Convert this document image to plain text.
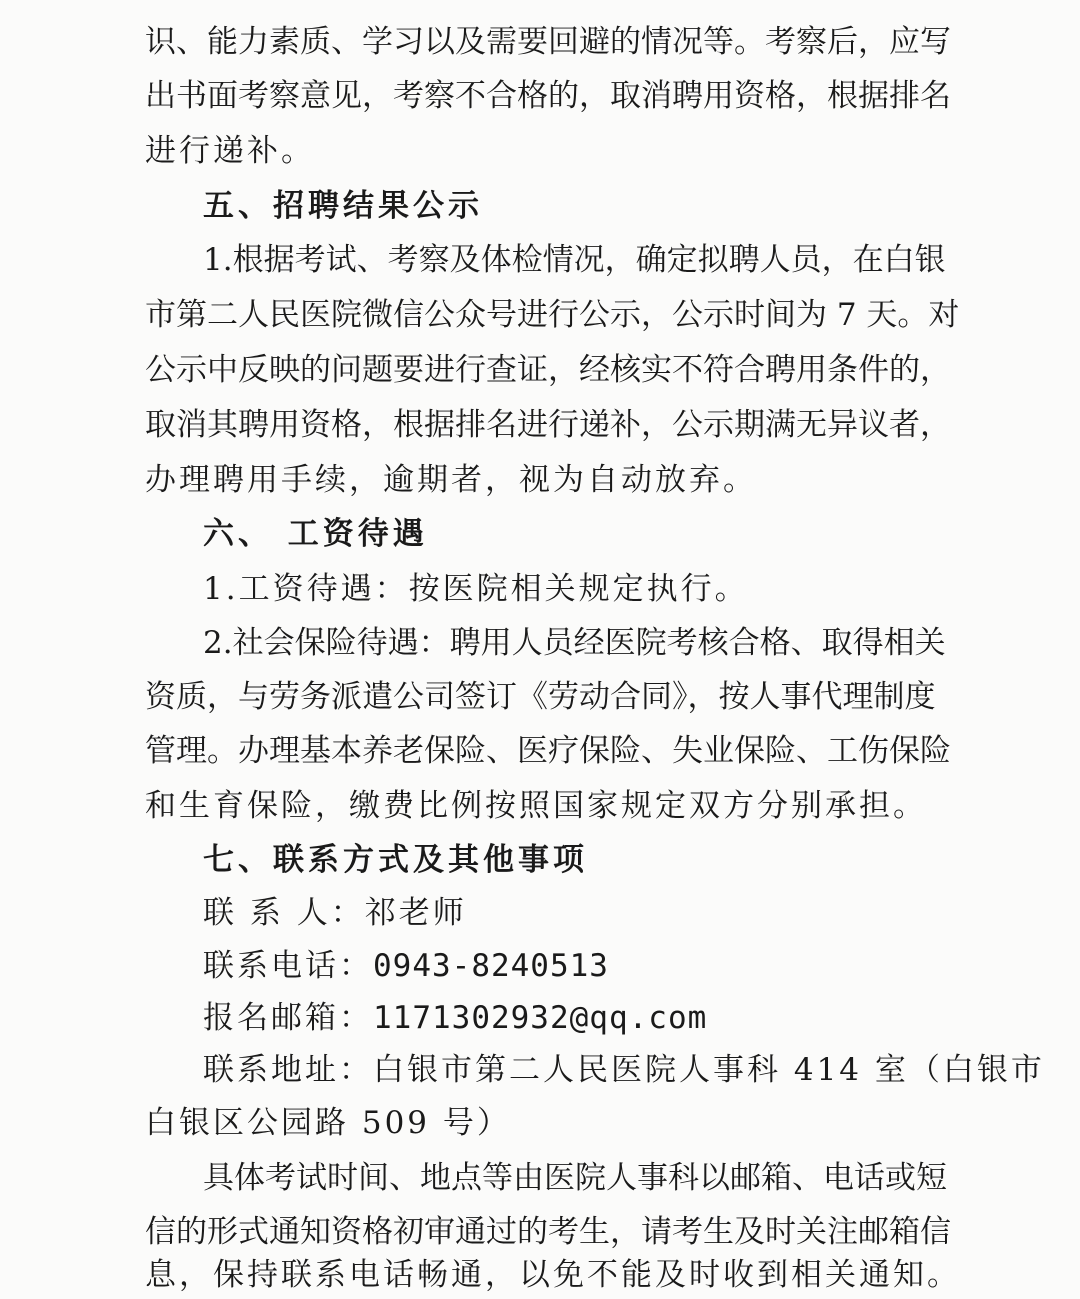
识、能力素质、学习以及需要回避的情况等。考察后，应写
出书面考察意见，考察不合格的，取消聘用资格，根据排名
进行递补。
五、招聘结果公示
1.根据考试、考察及体检情况，确定拟聘人员，在白银
市第二人民医院微信公众号进行公示，公示时间为 7 天。对
公示中反映的问题要进行查证，经核实不符合聘用条件的，
取消其聘用资格，根据排名进行递补，公示期满无异议者，
办理聘用手续，逾期者，视为自动放弃。
六、 工资待遇
1.工资待遇：按医院相关规定执行。
2.社会保险待遇：聘用人员经医院考核合格、取得相关
资质，与劳务派遣公司签订《劳动合同》，按人事代理制度
管理。办理基本养老保险、医疗保险、失业保险、工伤保险
和生育保险，缴费比例按照国家规定双方分别承担。
七、联系方式及其他事项
联 系 人：祁老师
联系电话：0943-8240513
报名邮箱：1171302932@qq.com
联系地址：白银市第二人民医院人事科 414 室（白银市
白银区公园路 509 号）
具体考试时间、地点等由医院人事科以邮箱、电话或短
信的形式通知资格初审通过的考生，请考生及时关注邮箱信
息，保持联系电话畅通，以免不能及时收到相关通知。
